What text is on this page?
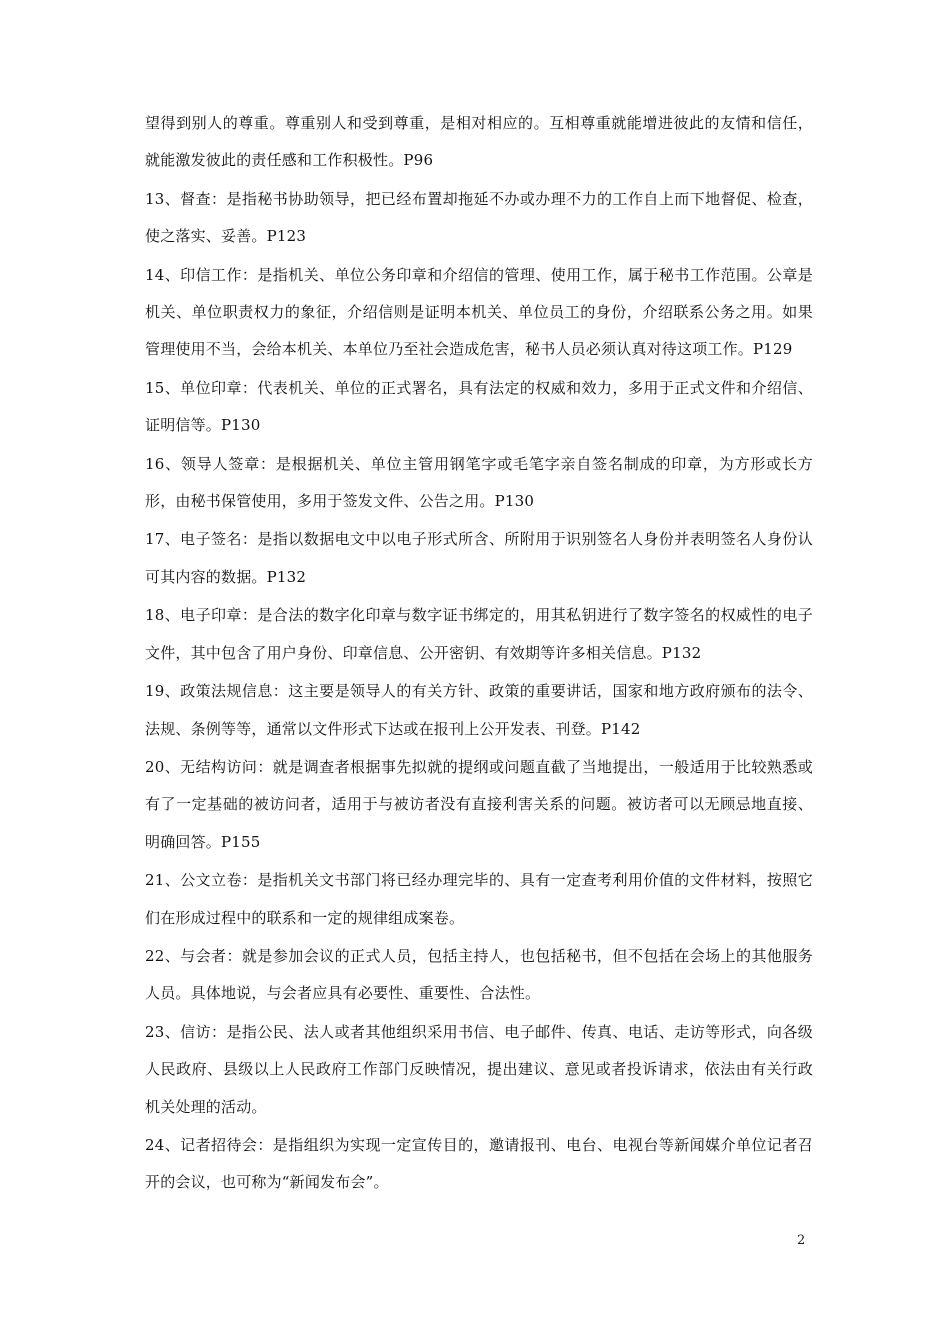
望得到别人的尊重。尊重别人和受到尊重，是相对相应的。互相尊重就能增进彼此的友情和信任，就能激发彼此的责任感和工作积极性。P96

13、督查：是指秘书协助领导，把已经布置却拖延不办或办理不力的工作自上而下地督促、检查，使之落实、妥善。P123

14、印信工作：是指机关、单位公务印章和介绍信的管理、使用工作，属于秘书工作范围。公章是机关、单位职责权力的象征，介绍信则是证明本机关、单位员工的身份，介绍联系公务之用。如果管理使用不当，会给本机关、本单位乃至社会造成危害，秘书人员必须认真对待这项工作。P129

15、单位印章：代表机关、单位的正式署名，具有法定的权威和效力，多用于正式文件和介绍信、证明信等。P130

16、领导人签章：是根据机关、单位主管用钢笔字或毛笔字亲自签名制成的印章，为方形或长方形，由秘书保管使用，多用于签发文件、公告之用。P130

17、电子签名：是指以数据电文中以电子形式所含、所附用于识别签名人身份并表明签名人身份认可其内容的数据。P132

18、电子印章：是合法的数字化印章与数字证书绑定的，用其私钥进行了数字签名的权威性的电子文件，其中包含了用户身份、印章信息、公开密钥、有效期等许多相关信息。P132

19、政策法规信息：这主要是领导人的有关方针、政策的重要讲话，国家和地方政府颁布的法令、法规、条例等等，通常以文件形式下达或在报刊上公开发表、刊登。P142

20、无结构访问：就是调查者根据事先拟就的提纲或问题直截了当地提出，一般适用于比较熟悉或有了一定基础的被访问者，适用于与被访者没有直接利害关系的问题。被访者可以无顾忌地直接、明确回答。P155

21、公文立卷：是指机关文书部门将已经办理完毕的、具有一定查考利用价值的文件材料，按照它们在形成过程中的联系和一定的规律组成案卷。

22、与会者：就是参加会议的正式人员，包括主持人，也包括秘书，但不包括在会场上的其他服务人员。具体地说，与会者应具有必要性、重要性、合法性。

23、信访：是指公民、法人或者其他组织采用书信、电子邮件、传真、电话、走访等形式，向各级人民政府、县级以上人民政府工作部门反映情况，提出建议、意见或者投诉请求，依法由有关行政机关处理的活动。

24、记者招待会：是指组织为实现一定宣传目的，邀请报刊、电台、电视台等新闻媒介单位记者召开的会议，也可称为“新闻发布会”。

2
